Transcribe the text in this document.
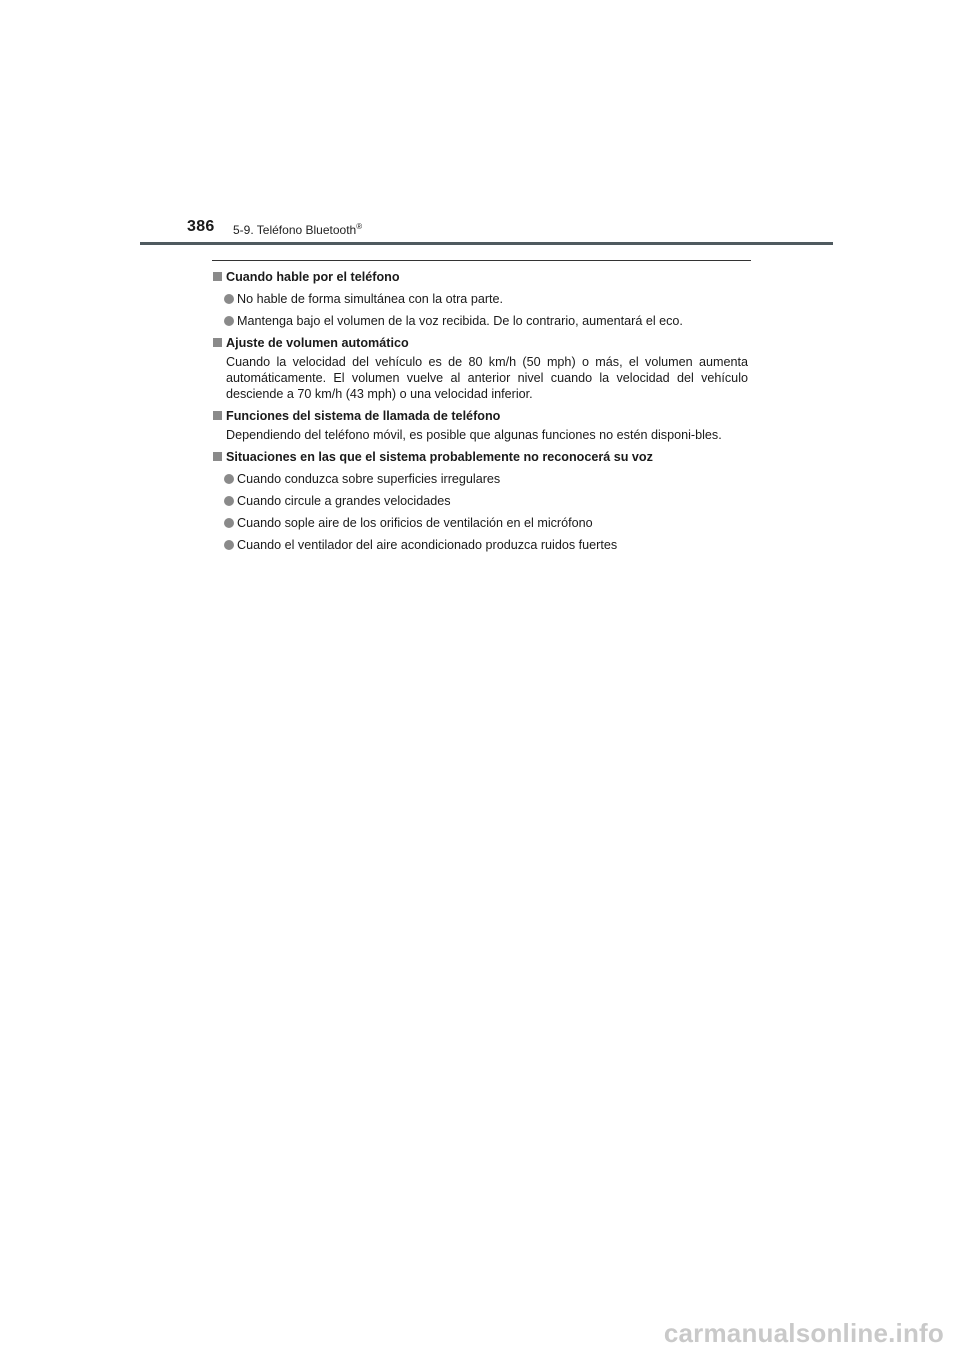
386 5-9. Teléfono Bluetooth®
Cuando hable por el teléfono
No hable de forma simultánea con la otra parte.
Mantenga bajo el volumen de la voz recibida. De lo contrario, aumentará el eco.
Ajuste de volumen automático
Cuando la velocidad del vehículo es de 80 km/h (50 mph) o más, el volumen aumenta automáticamente. El volumen vuelve al anterior nivel cuando la velocidad del vehículo desciende a 70 km/h (43 mph) o una velocidad inferior.
Funciones del sistema de llamada de teléfono
Dependiendo del teléfono móvil, es posible que algunas funciones no estén disponi-bles.
Situaciones en las que el sistema probablemente no reconocerá su voz
Cuando conduzca sobre superficies irregulares
Cuando circule a grandes velocidades
Cuando sople aire de los orificios de ventilación en el micrófono
Cuando el ventilador del aire acondicionado produzca ruidos fuertes
carmanualsonline.info
